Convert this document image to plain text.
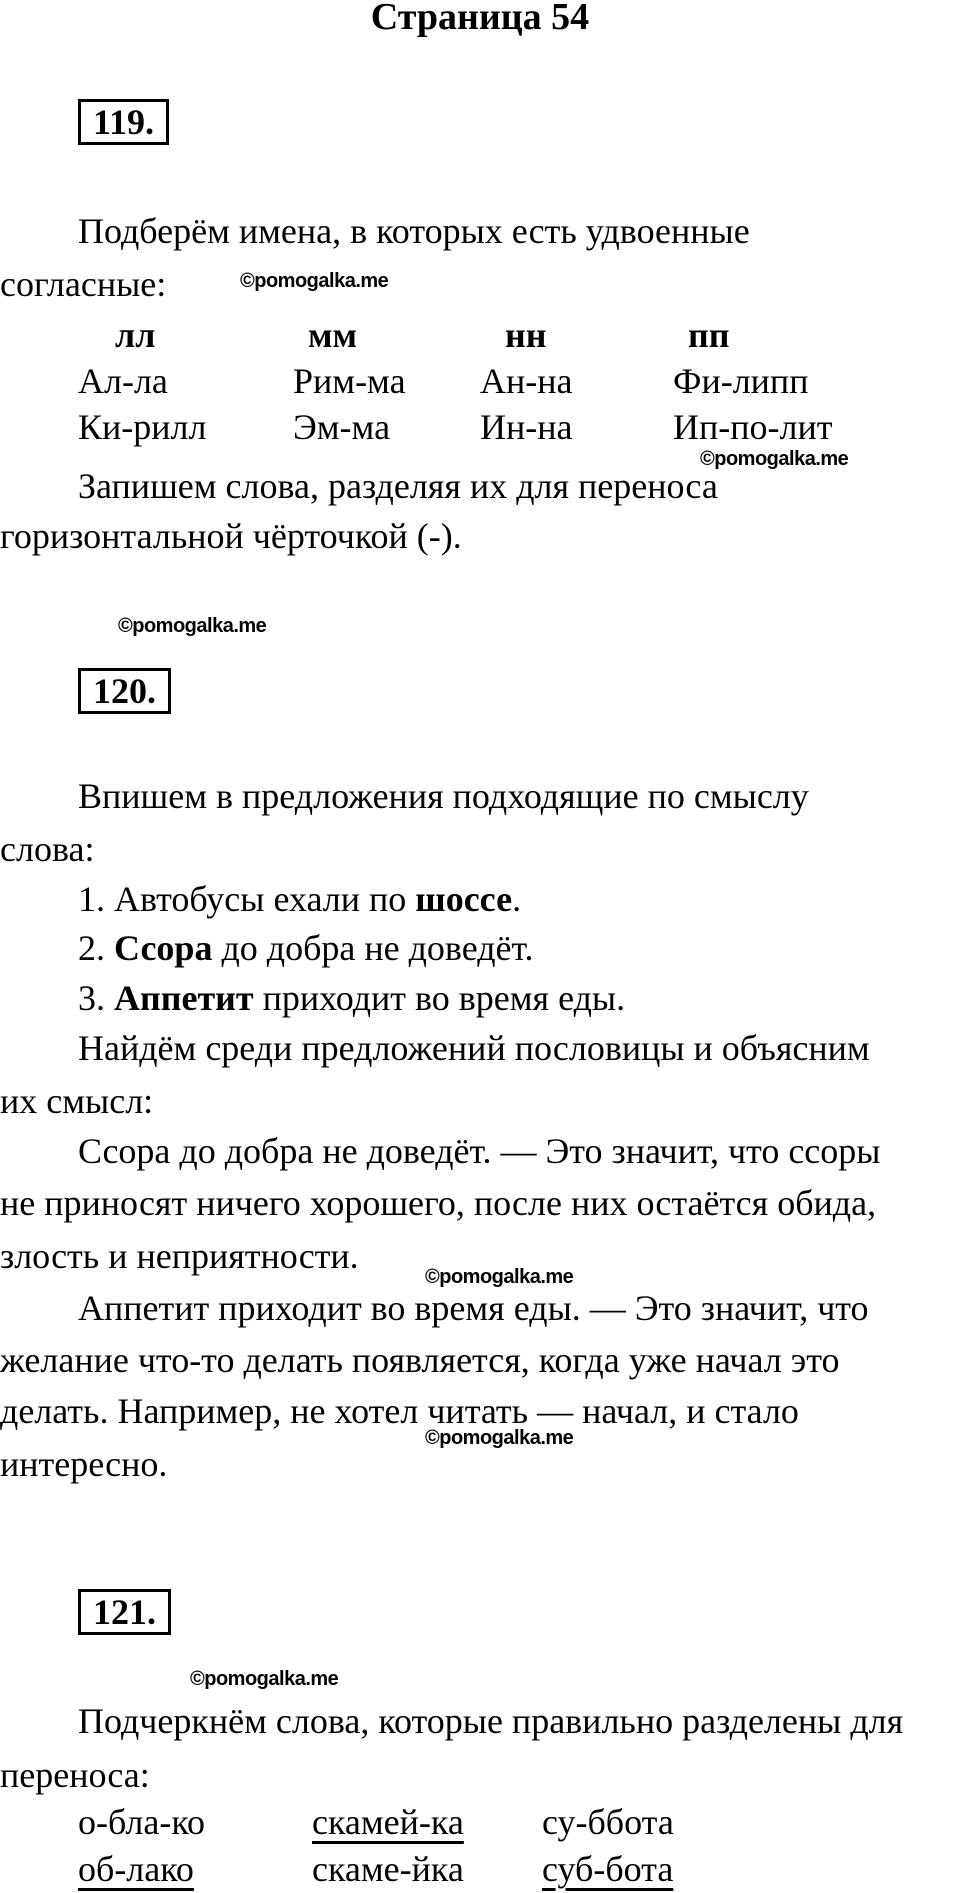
Страница 54
119.
Подберём имена, в которых есть удвоенные
согласные:	©pomogalka.me
лл	мм	нн	пп
Ал-ла	Рим-ма	Ан-на	Фи-липп
Ки-рилл	Эм-ма	Ин-на	Ип-по-лит
©pomogalka.me
Запишем слова, разделяя их для переноса
горизонтальной чёрточкой (-).
©pomogalka.me
120.
Впишем в предложения подходящие по смыслу
слова:
1. Автобусы ехали по шоссе.
2. Ссора до добра не доведёт.
3. Аппетит приходит во время еды.
Найдём среди предложений пословицы и объясним
их смысл:
Ссора до добра не доведёт. — Это значит, что ссоры
не приносят ничего хорошего, после них остаётся обида,
злость и неприятности.
©pomogalka.me
Аппетит приходит во время еды. — Это значит, что
желание что-то делать появляется, когда уже начал это
делать. Например, не хотел читать — начал, и стало
©pomogalka.me
интересно.
121.
©pomogalka.me
Подчеркнём слова, которые правильно разделены для
переноса:
о-бла-ко	скамей-ка су-ббота
об-лако	скаме-йка суб-бота
